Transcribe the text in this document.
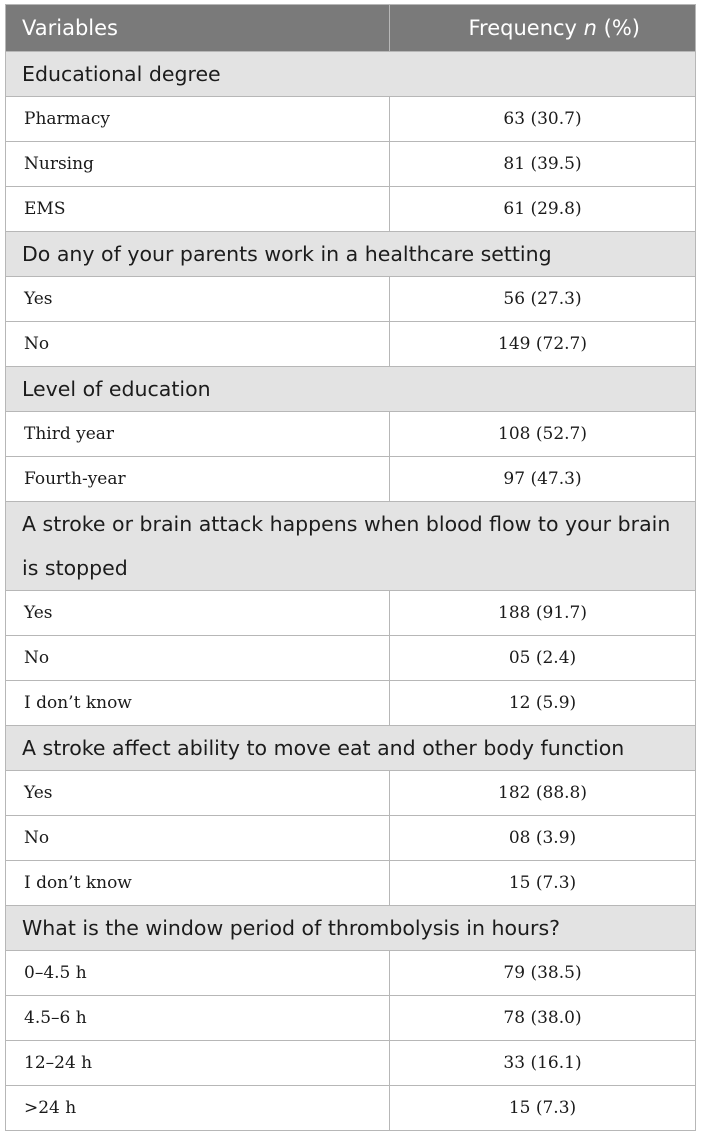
Variables	Frequency n (%)
Educational degree	
Pharmacy	63 (30.7)
Nursing	81 (39.5)
EMS	61 (29.8)
Do any of your parents work in a healthcare setting	
Yes	56 (27.3)
No	149 (72.7)
Level of education	
Third year	108 (52.7)
Fourth-year	97 (47.3)
A stroke or brain attack happens when blood flow to your brain is stopped	
Yes	188 (91.7)
No	05 (2.4)
I don’t know	12 (5.9)
A stroke affect ability to move eat and other body function	
Yes	182 (88.8)
No	08 (3.9)
I don’t know	15 (7.3)
What is the window period of thrombolysis in hours?	
0–4.5 h	79 (38.5)
4.5–6 h	78 (38.0)
12–24 h	33 (16.1)
>24 h	15 (7.3)
